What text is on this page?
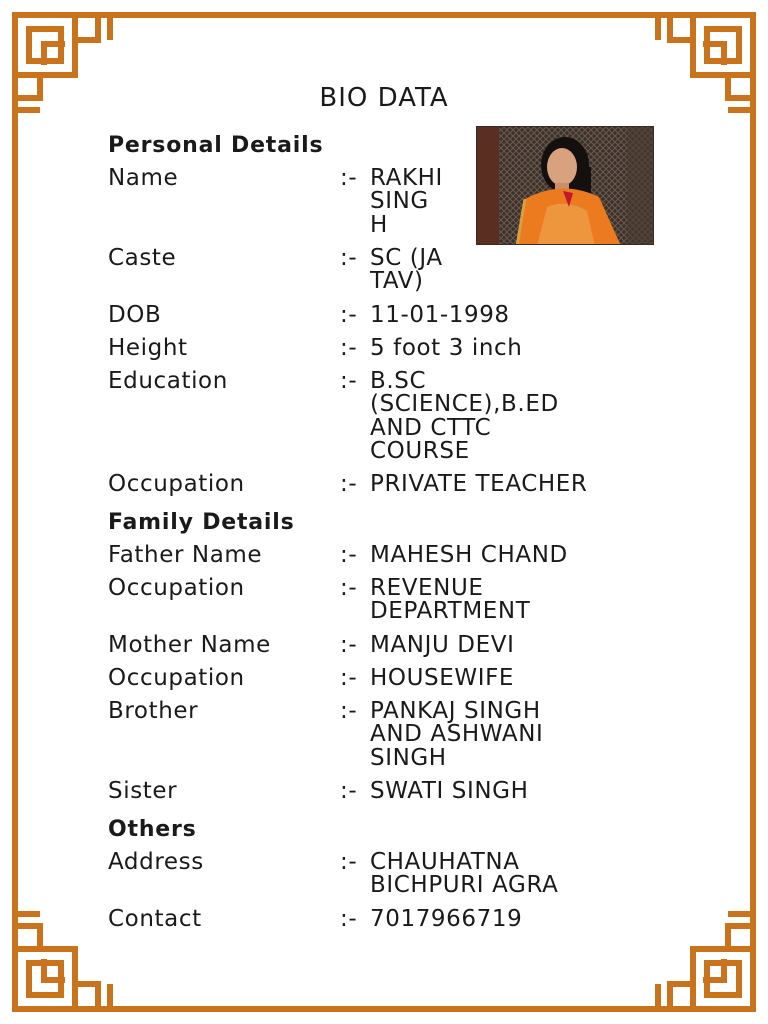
BIO DATA
Personal Details
Name	:- RAKHI
SING
H
Caste	:- SC (JA
TAV)
DOB	:- 11-01-1998
Height	:- 5 foot 3 inch
Education	:- B.SC
(SCIENCE),B.ED
AND CTTC
COURSE
Occupation	:- PRIVATE TEACHER
Family Details
Father Name	:- MAHESH CHAND
Occupation	:- REVENUE
DEPARTMENT
Mother Name	:- MANJU DEVI
Occupation	:- HOUSEWIFE
Brother	:- PANKAJ SINGH
AND ASHWANI
SINGH
Sister	:- SWATI SINGH
Others
Address	:- CHAUHATNA
BICHPURI AGRA
Contact	:- 7017966719
